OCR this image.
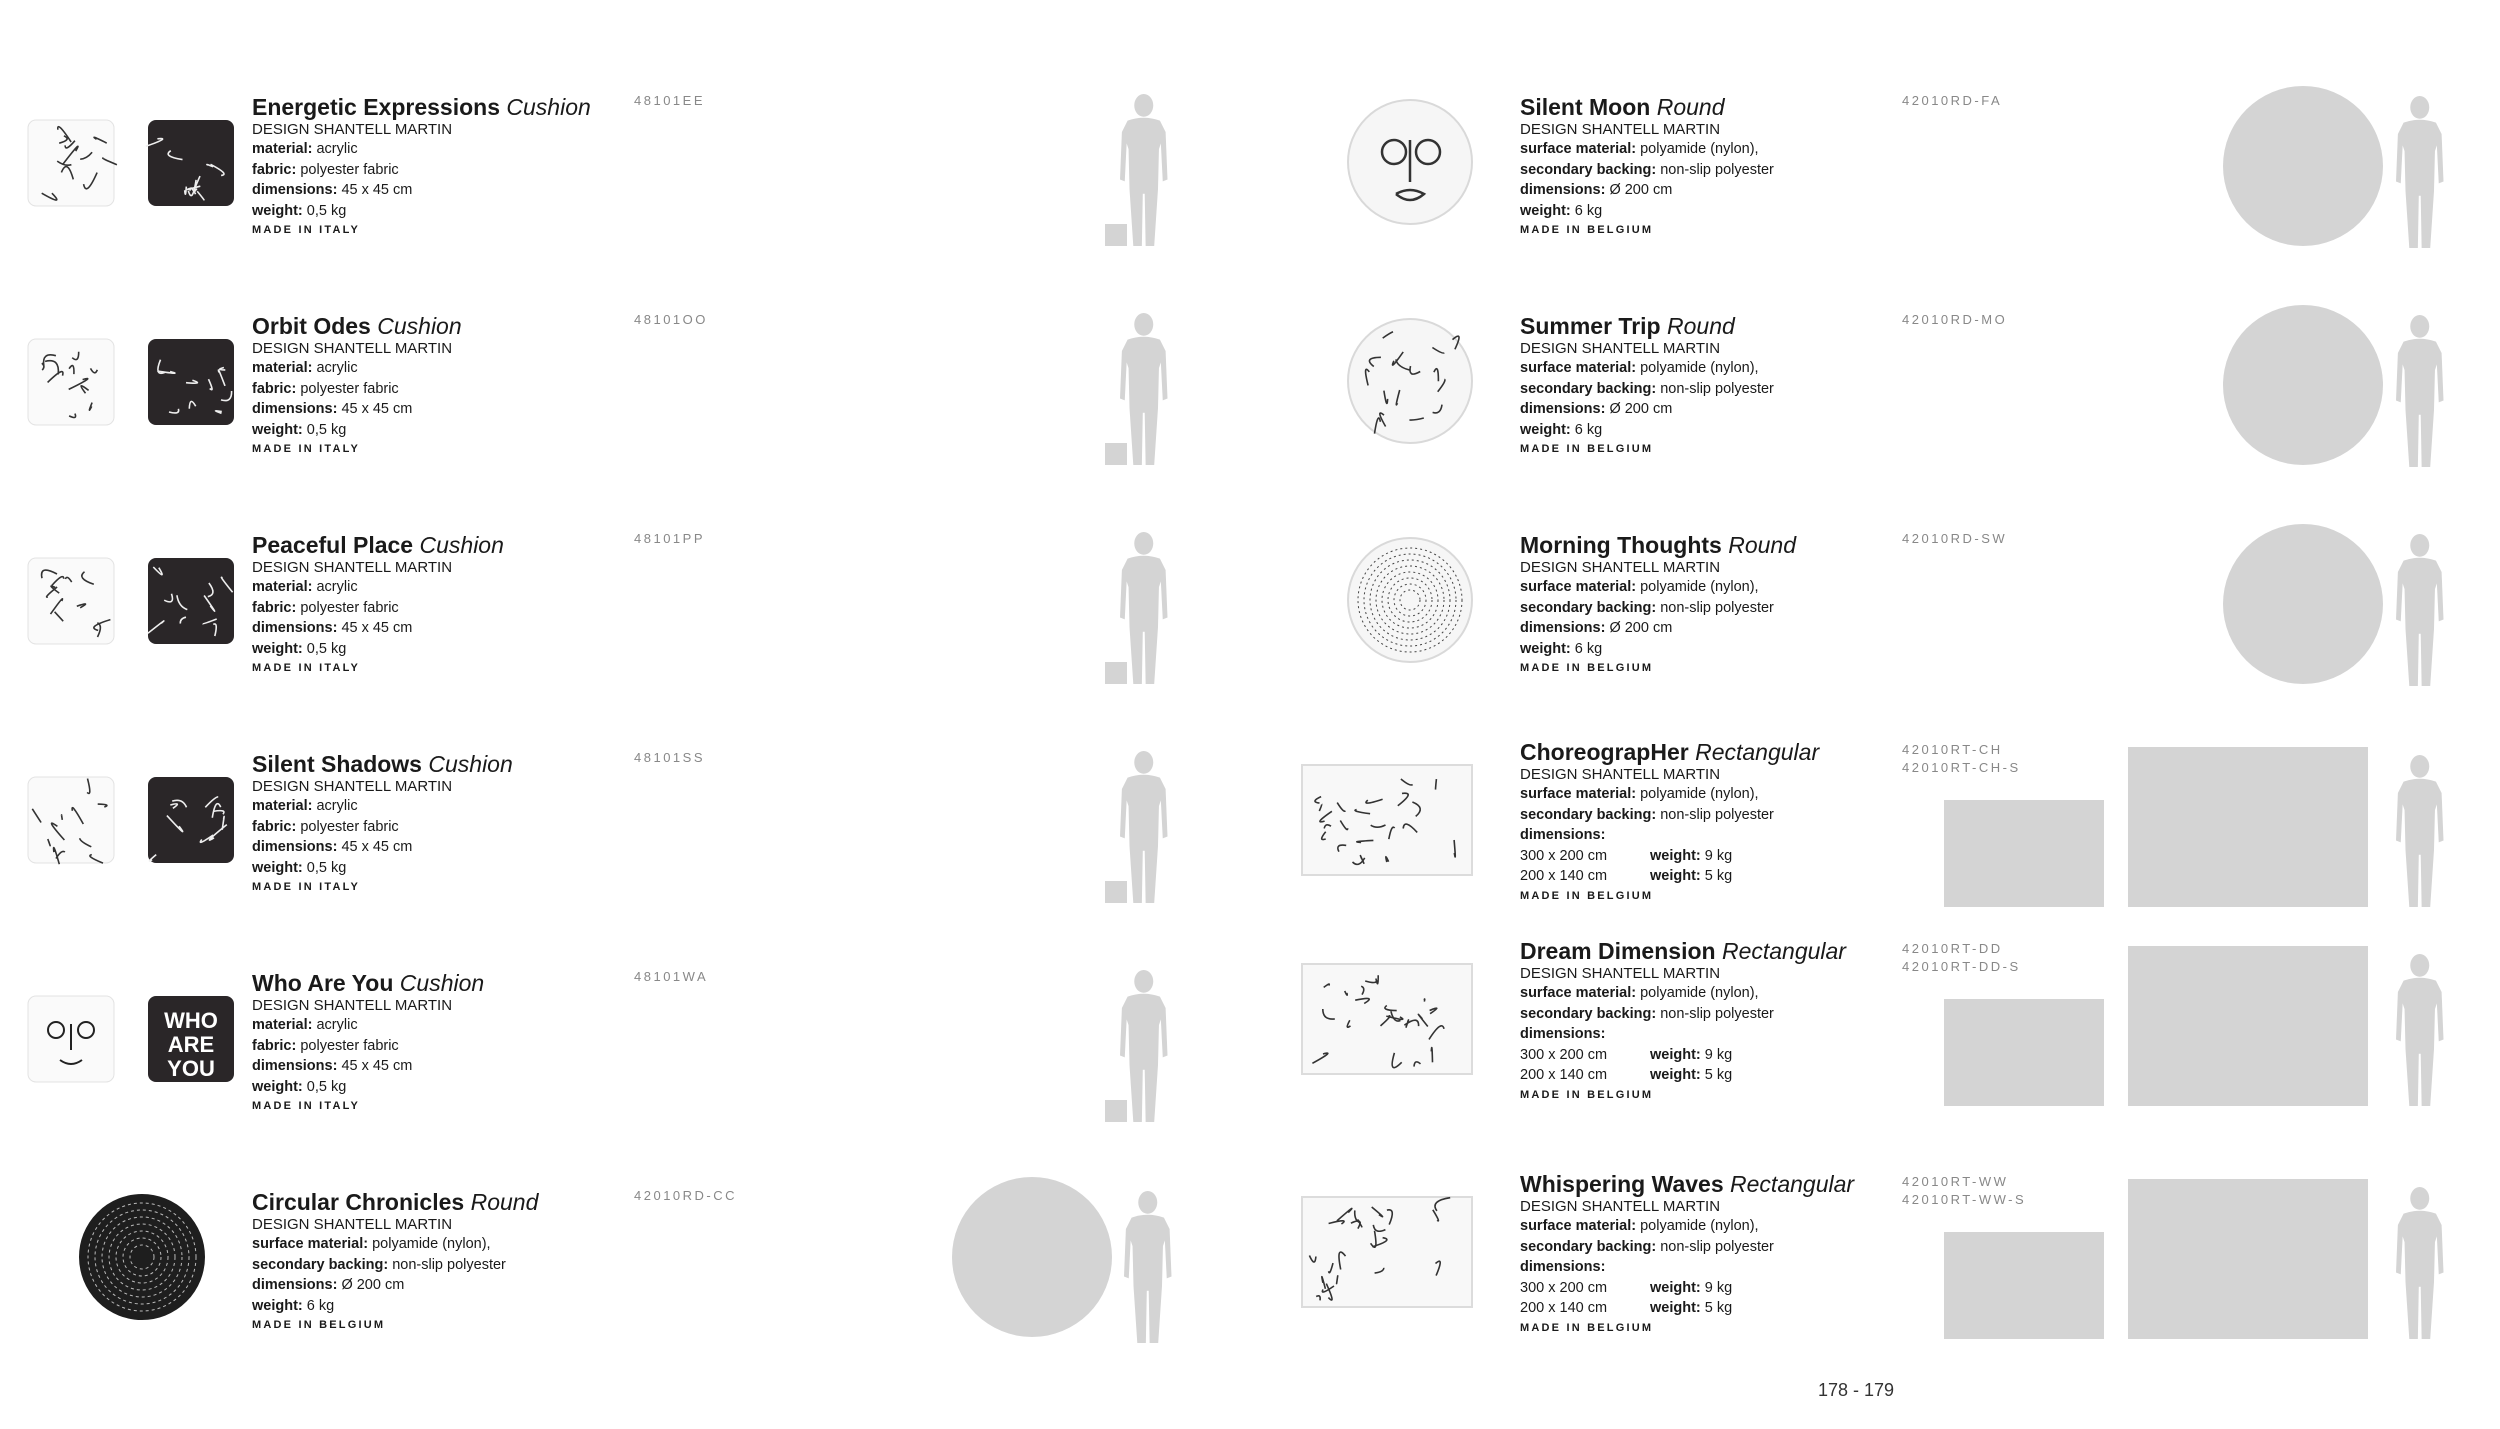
Energetic Expressions Cushion
DESIGN SHANTELL MARTIN
material: acrylic
fabric: polyester fabric
dimensions: 45 x 45 cm
weight: 0,5 kg
MADE IN ITALY
48101EE
Orbit Odes Cushion
DESIGN SHANTELL MARTIN
material: acrylic
fabric: polyester fabric
dimensions: 45 x 45 cm
weight: 0,5 kg
MADE IN ITALY
48101OO
Peaceful Place Cushion
DESIGN SHANTELL MARTIN
material: acrylic
fabric: polyester fabric
dimensions: 45 x 45 cm
weight: 0,5 kg
MADE IN ITALY
48101PP
Silent Shadows Cushion
DESIGN SHANTELL MARTIN
material: acrylic
fabric: polyester fabric
dimensions: 45 x 45 cm
weight: 0,5 kg
MADE IN ITALY
48101SS
WHO
ARE
YOU
Who Are You Cushion
DESIGN SHANTELL MARTIN
material: acrylic
fabric: polyester fabric
dimensions: 45 x 45 cm
weight: 0,5 kg
MADE IN ITALY
48101WA
Circular Chronicles Round
DESIGN SHANTELL MARTIN
surface material: polyamide (nylon),
secondary backing: non-slip polyester
dimensions: Ø 200 cm
weight: 6 kg
MADE IN BELGIUM
42010RD-CC
Silent Moon Round
DESIGN SHANTELL MARTIN
surface material: polyamide (nylon),
secondary backing: non-slip polyester
dimensions: Ø 200 cm
weight: 6 kg
MADE IN BELGIUM
42010RD-FA
Summer Trip Round
DESIGN SHANTELL MARTIN
surface material: polyamide (nylon),
secondary backing: non-slip polyester
dimensions: Ø 200 cm
weight: 6 kg
MADE IN BELGIUM
42010RD-MO
Morning Thoughts Round
DESIGN SHANTELL MARTIN
surface material: polyamide (nylon),
secondary backing: non-slip polyester
dimensions: Ø 200 cm
weight: 6 kg
MADE IN BELGIUM
42010RD-SW
ChoreograpHer Rectangular
DESIGN SHANTELL MARTIN
surface material: polyamide (nylon),
secondary backing: non-slip polyester
dimensions:
300 x 200 cm	weight: 9 kg
200 x 140 cm	weight: 5 kg
MADE IN BELGIUM
42010RT-CH
42010RT-CH-S
Dream Dimension Rectangular
DESIGN SHANTELL MARTIN
surface material: polyamide (nylon),
secondary backing: non-slip polyester
dimensions:
300 x 200 cm	weight: 9 kg
200 x 140 cm	weight: 5 kg
MADE IN BELGIUM
42010RT-DD
42010RT-DD-S
Whispering Waves Rectangular
DESIGN SHANTELL MARTIN
surface material: polyamide (nylon),
secondary backing: non-slip polyester
dimensions:
300 x 200 cm	weight: 9 kg
200 x 140 cm	weight: 5 kg
MADE IN BELGIUM
42010RT-WW
42010RT-WW-S
178 - 179
